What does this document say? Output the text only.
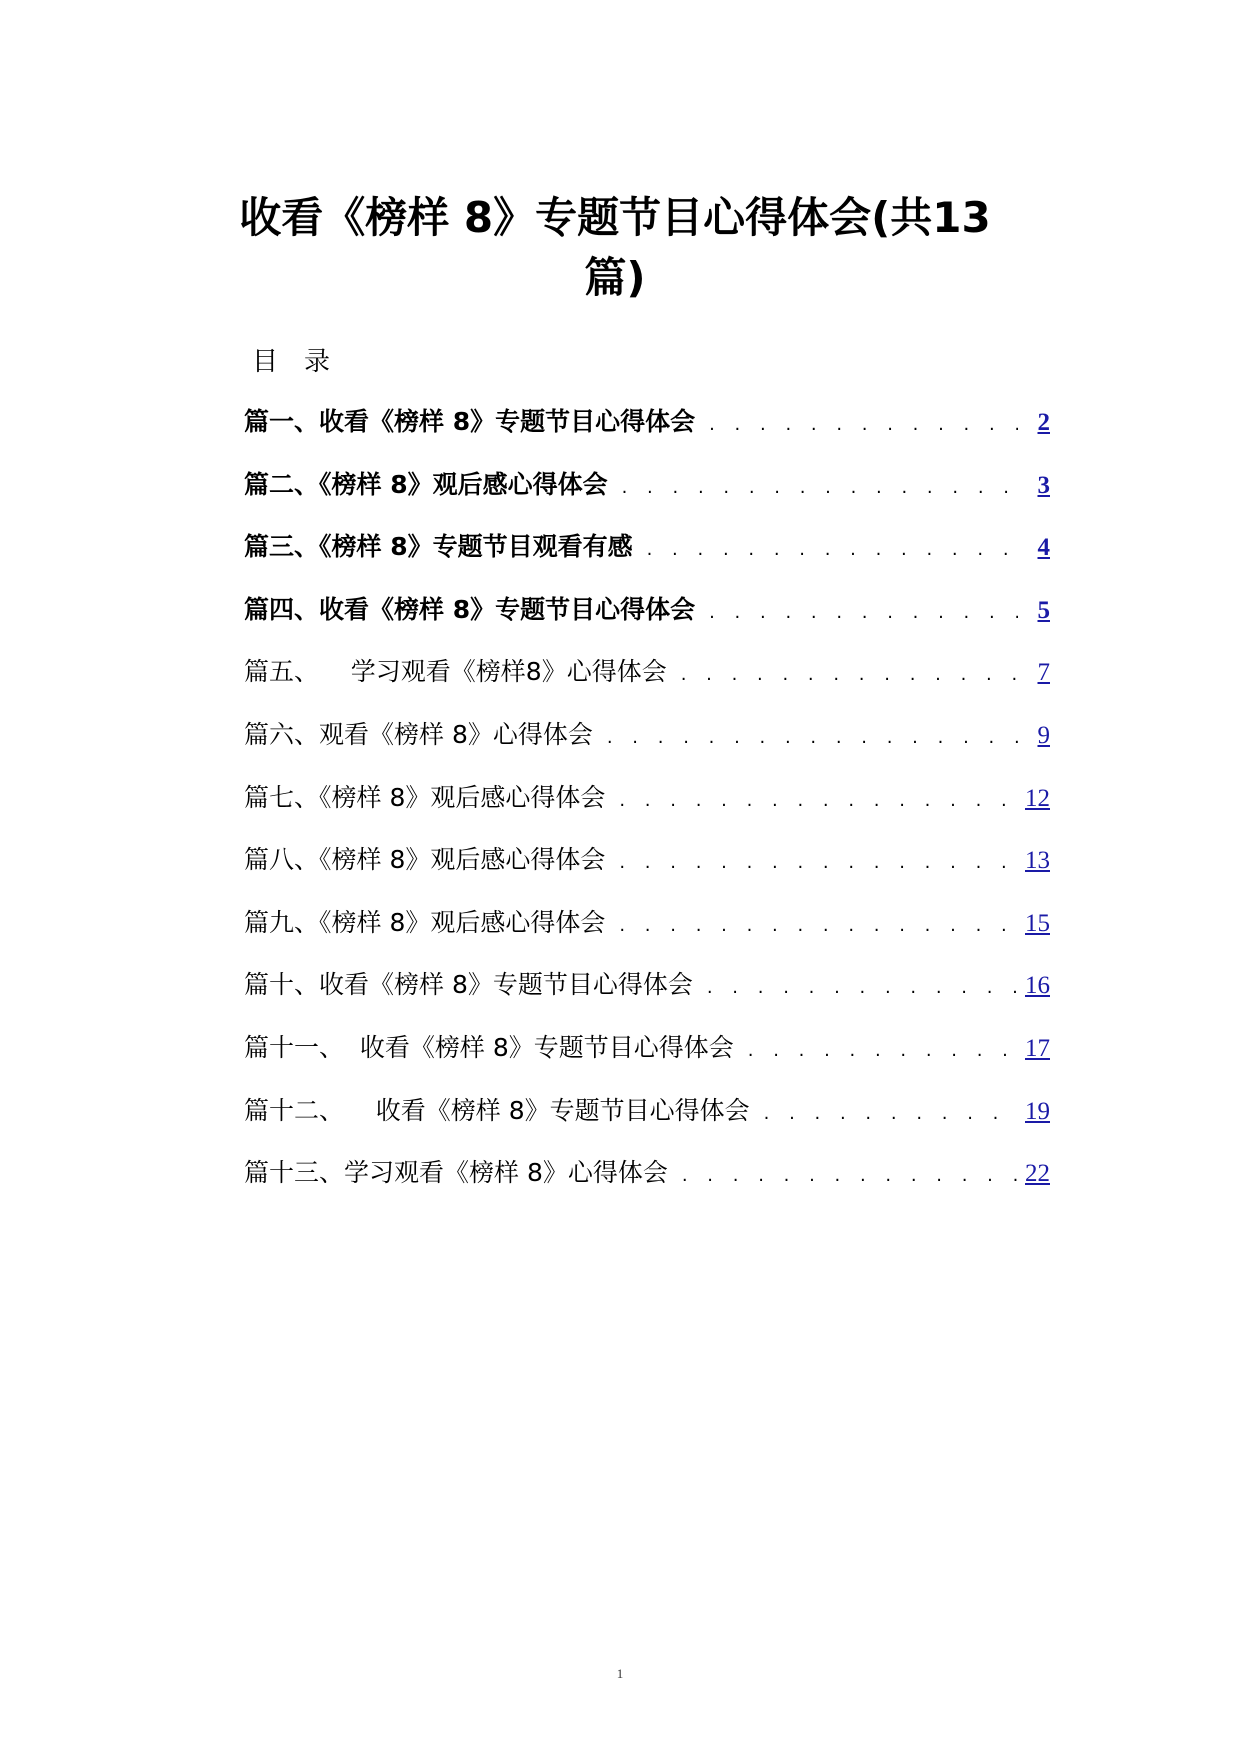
收看《榜样 8》专题节目心得体会(共13
篇)
目录
篇一、收看《榜样 8》专题节目心得体会 . . .	2
篇二、《榜样 8》观后感心得体会 . . .	3
篇三、《榜样 8》专题节目观看有感 . . .	4
篇四、收看《榜样 8》专题节目心得体会 . . .	5
篇五、    学习观看《榜样8》心得体会 . . .	7
篇六、观看《榜样 8》心得体会 . . .	9
篇七、《榜样 8》观后感心得体会 . . .	12
篇八、《榜样 8》观后感心得体会 . . .	13
篇九、《榜样 8》观后感心得体会 . . .	15
篇十、收看《榜样 8》专题节目心得体会 . . .	16
篇十一、  收看《榜样 8》专题节目心得体会 . . .	17
篇十二、    收看《榜样 8》专题节目心得体会 . . .	19
篇十三、学习观看《榜样 8》心得体会 . . .	22
1
